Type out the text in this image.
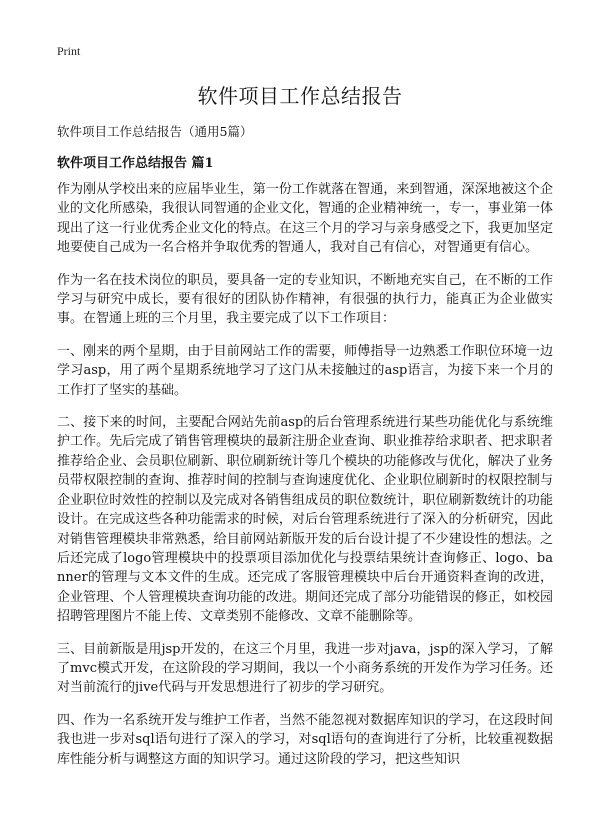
Print
软件项目工作总结报告

软件项目工作总结报告（通用5篇）

软件项目工作总结报告 篇1

作为刚从学校出来的应届毕业生，第一份工作就落在智通，来到智通，深深地被这个企业的文化所感染，我很认同智通的企业文化，智通的企业精神统一，专一，事业第一体现出了这一行业优秀企业文化的特点。在这三个月的学习与亲身感受之下，我更加坚定地要使自己成为一名合格并争取优秀的智通人，我对自己有信心，对智通更有信心。

作为一名在技术岗位的职员，要具备一定的专业知识，不断地充实自己，在不断的工作学习与研究中成长，要有很好的团队协作精神，有很强的执行力，能真正为企业做实事。在智通上班的三个月里，我主要完成了以下工作项目：

一、刚来的两个星期，由于目前网站工作的需要，师傅指导一边熟悉工作职位环境一边学习asp，用了两个星期系统地学习了这门从未接触过的asp语言，为接下来一个月的工作打了坚实的基础。

二、接下来的时间，主要配合网站先前asp的后台管理系统进行某些功能优化与系统维护工作。先后完成了销售管理模块的最新注册企业查询、职业推荐给求职者、把求职者推荐给企业、会员职位刷新、职位刷新统计等几个模块的功能修改与优化，解决了业务员带权限控制的查询、推荐时间的控制与查询速度优化、企业职位刷新时的权限控制与企业职位时效性的控制以及完成对各销售组成员的职位数统计，职位刷新数统计的功能设计。在完成这些各种功能需求的时候，对后台管理系统进行了深入的分析研究，因此对销售管理模块非常熟悉，给目前网站新版开发的后台设计提了不少建设性的想法。之后还完成了logo管理模块中的投票项目添加优化与投票结果统计查询修正、logo、banner的管理与文本文件的生成。还完成了客服管理模块中后台开通资料查询的改进，企业管理、个人管理模块查询功能的改进。期间还完成了部分功能错误的修正，如校园招聘管理图片不能上传、文章类别不能修改、文章不能删除等。

三、目前新版是用jsp开发的，在这三个月里，我进一步对java，jsp的深入学习，了解了mvc模式开发，在这阶段的学习期间，我以一个小商务系统的开发作为学习任务。还对当前流行的jive代码与开发思想进行了初步的学习研究。

四、作为一名系统开发与维护工作者，当然不能忽视对数据库知识的学习，在这段时间我也进一步对sql语句进行了深入的学习，对sql语句的查询进行了分析，比较重视数据库性能分析与调整这方面的知识学习。通过这阶段的学习，把这些知识
